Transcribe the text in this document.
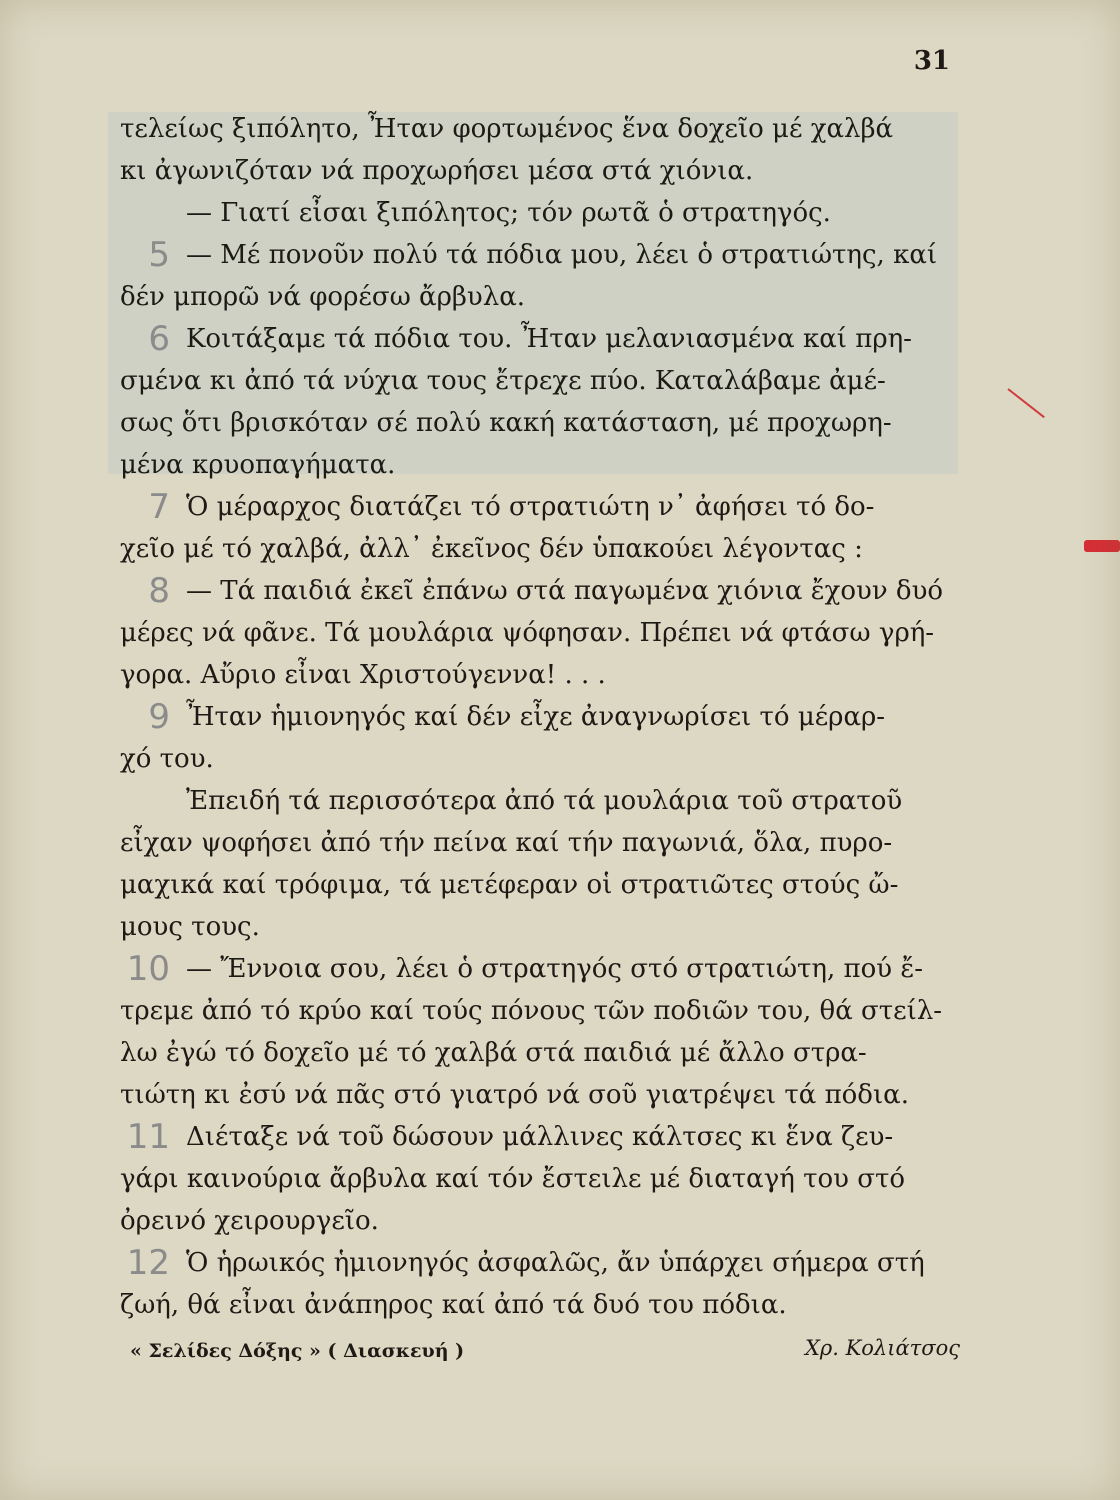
31
τελείως ξιπόλητο, Ἦταν φορτωμένος ἕνα δοχεῖο μέ χαλβά
κι ἀγωνιζόταν νά προχωρήσει μέσα στά χιόνια.
— Γιατί εἶσαι ξιπόλητος; τόν ρωτᾶ ὁ στρατηγός.
5 — Μέ πονοῦν πολύ τά πόδια μου, λέει ὁ στρατιώτης, καί
δέν μπορῶ νά φορέσω ἄρβυλα.
6 Κοιτάξαμε τά πόδια του. Ἦταν μελανιασμένα καί πρη-
σμένα κι ἀπό τά νύχια τους ἔτρεχε πύο. Καταλάβαμε ἀμέ-
σως ὅτι βρισκόταν σέ πολύ κακή κατάσταση, μέ προχωρη-
μένα κρυοπαγήματα.
7 Ὁ μέραρχος διατάζει τό στρατιώτη ν᾽ ἀφήσει τό δο-
χεῖο μέ τό χαλβά, ἀλλ᾽ ἐκεῖνος δέν ὑπακούει λέγοντας :
8 — Τά παιδιά ἐκεῖ ἐπάνω στά παγωμένα χιόνια ἔχουν δυό
μέρες νά φᾶνε. Τά μουλάρια ψόφησαν. Πρέπει νά φτάσω γρή-
γορα. Αὔριο εἶναι Χριστούγεννα! . . .
9 Ἦταν ἡμιονηγός καί δέν εἶχε ἀναγνωρίσει τό μέραρ-
χό του.
Ἐπειδή τά περισσότερα ἀπό τά μουλάρια τοῦ στρατοῦ
εἶχαν ψοφήσει ἀπό τήν πείνα καί τήν παγωνιά, ὅλα, πυρο-
μαχικά καί τρόφιμα, τά μετέφεραν οἱ στρατιῶτες στούς ὤ-
μους τους.
10 — Ἔννοια σου, λέει ὁ στρατηγός στό στρατιώτη, πού ἔ-
τρεμε ἀπό τό κρύο καί τούς πόνους τῶν ποδιῶν του, θά στείλ-
λω ἐγώ τό δοχεῖο μέ τό χαλβά στά παιδιά μέ ἄλλο στρα-
τιώτη κι ἐσύ νά πᾶς στό γιατρό νά σοῦ γιατρέψει τά πόδια.
11 Διέταξε νά τοῦ δώσουν μάλλινες κάλτσες κι ἕνα ζευ-
γάρι καινούρια ἄρβυλα καί τόν ἔστειλε μέ διαταγή του στό
ὀρεινό χειρουργεῖο.
12 Ὁ ἡρωικός ἡμιονηγός ἀσφαλῶς, ἄν ὑπάρχει σήμερα στή
ζωή, θά εἶναι ἀνάπηρος καί ἀπό τά δυό του πόδια.
« Σελίδες Δόξης » ( Διασκευή )	Χρ. Κολιάτσος
